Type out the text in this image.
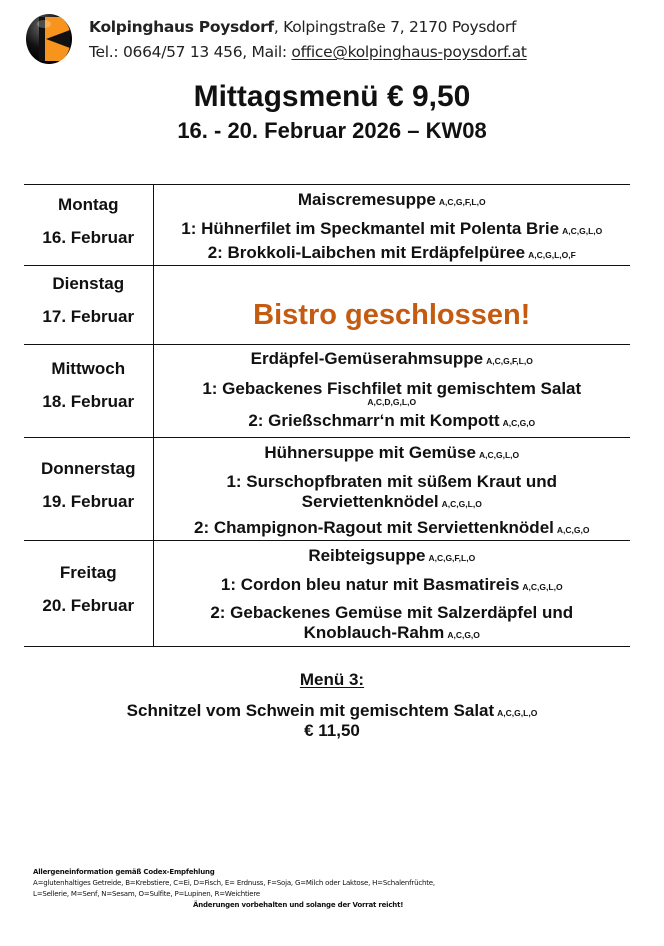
Kolpinghaus Poysdorf, Kolpingstraße 7, 2170 Poysdorf
Tel.: 0664/57 13 456, Mail: office@kolpinghaus-poysdorf.at
Mittagsmenü € 9,50
16. - 20. Februar 2026 – KW08
Montag
16. Februar	Maiscremesuppe A,C,G,F,L,O
1: Hühnerfilet im Speckmantel mit Polenta Brie A,C,G,L,O
2: Brokkoli-Laibchen mit Erdäpfelpüree A,C,G,L,O,F

Dienstag
17. Februar	Bistro geschlossen!

Mittwoch
18. Februar	Erdäpfel-Gemüserahmsuppe A,C,G,F,L,O
1: Gebackenes Fischfilet mit gemischtem Salat
A,C,D,G,L,O
2: Grießschmarr‘n mit Kompott A,C,G,O

Donnerstag
19. Februar	Hühnersuppe mit Gemüse A,C,G,L,O
1: Surschopfbraten mit süßem Kraut und
Serviettenknödel A,C,G,L,O
2: Champignon-Ragout mit Serviettenknödel A,C,G,O

Freitag
20. Februar	Reibteigsuppe A,C,G,F,L,O
1: Cordon bleu natur mit Basmatireis A,C,G,L,O
2: Gebackenes Gemüse mit Salzerdäpfel und
Knoblauch-Rahm A,C,G,O
Menü 3:
Schnitzel vom Schwein mit gemischtem Salat A,C,G,L,O
€ 11,50
Allergeneinformation gemäß Codex-Empfehlung
A=glutenhaltiges Getreide, B=Krebstiere, C=Ei, D=Fisch, E= Erdnuss, F=Soja, G=Milch oder Laktose, H=Schalenfrüchte,
L=Sellerie, M=Senf, N=Sesam, O=Sulfite, P=Lupinen, R=Weichtiere
Änderungen vorbehalten und solange der Vorrat reicht!
